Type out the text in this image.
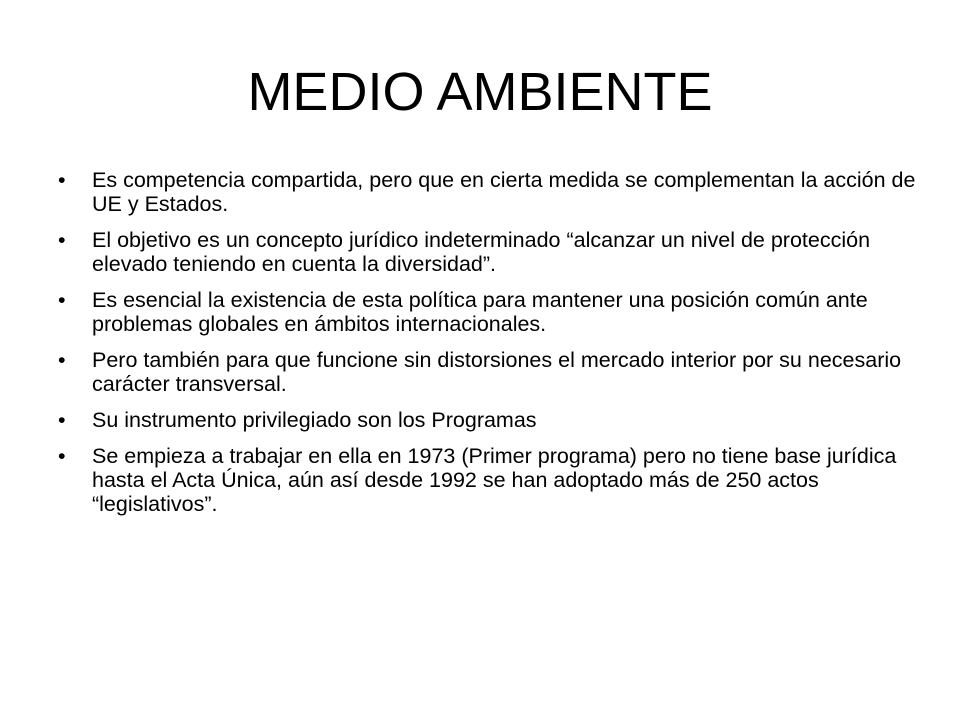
MEDIO AMBIENTE
•	Es competencia compartida, pero que en cierta medida se complementan la acción de UE y Estados.
•	El objetivo es un concepto jurídico indeterminado “alcanzar un nivel de protección elevado teniendo en cuenta la diversidad”.
•	Es esencial la existencia de esta política para mantener una posición común ante problemas globales en ámbitos internacionales.
•	Pero también para que funcione sin distorsiones el mercado interior por su necesario carácter transversal.
•	Su instrumento privilegiado son los Programas
•	Se empieza a trabajar en ella en 1973 (Primer programa) pero no tiene base jurídica hasta el Acta Única, aún así desde 1992 se han adoptado más de 250 actos “legislativos”.
